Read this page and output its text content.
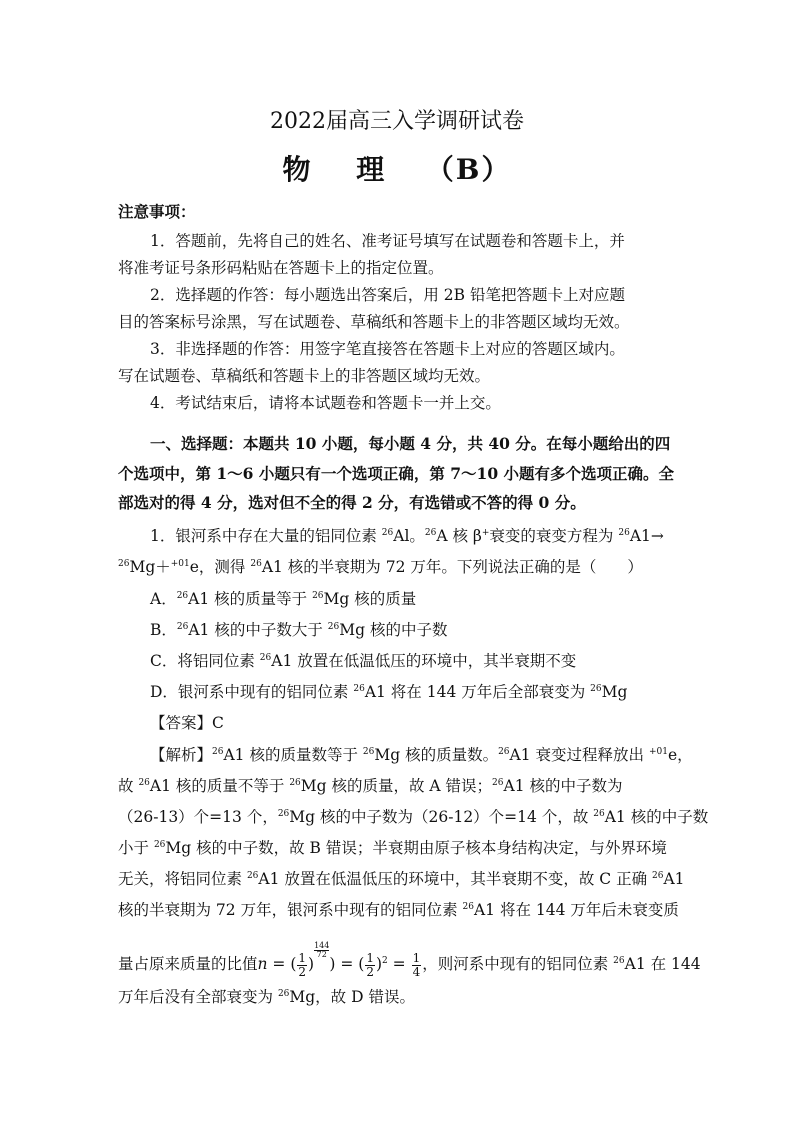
2022届高三入学调研试卷
物 理 （B）
注意事项：
1．答题前，先将自己的姓名、准考证号填写在试题卷和答题卡上，并
将准考证号条形码粘贴在答题卡上的指定位置。
2．选择题的作答：每小题选出答案后，用 2B 铅笔把答题卡上对应题
目的答案标号涂黑，写在试题卷、草稿纸和答题卡上的非答题区域均无效。
3．非选择题的作答：用签字笔直接答在答题卡上对应的答题区域内。
写在试题卷、草稿纸和答题卡上的非答题区域均无效。
4．考试结束后，请将本试题卷和答题卡一并上交。
一、选择题：本题共 10 小题，每小题 4 分，共 40 分。在每小题给出的四
个选项中，第 1～6 小题只有一个选项正确，第 7～10 小题有多个选项正确。全
部选对的得 4 分，选对但不全的得 2 分，有选错或不答的得 0 分。
1．银河系中存在大量的铝同位素 $^{26}$Al。$^{26}$A 核 β+衰变的衰变方程为 $^{26}$A1→
$^{26}$Mg＋$^{+01}$e，测得 $^{26}$A1 核的半衰期为 72 万年。下列说法正确的是（　　）
A．$^{26}$A1 核的质量等于 $^{26}$Mg 核的质量
B．$^{26}$A1 核的中子数大于 $^{26}$Mg 核的中子数
C．将铝同位素 $^{26}$A1 放置在低温低压的环境中，其半衰期不变
D．银河系中现有的铝同位素 $^{26}$A1 将在 144 万年后全部衰变为 $^{26}$Mg
【答案】C
【解析】$^{26}$A1 核的质量数等于 $^{26}$Mg 核的质量数。$^{26}$A1 衰变过程释放出 $^{+01}$e，
故 $^{26}$A1 核的质量不等于 $^{26}$Mg 核的质量，故 A 错误；$^{26}$A1 核的中子数为
（26-13）个=13 个，$^{26}$Mg 核的中子数为（26-12）个=14 个，故 $^{26}$A1 核的中子数
小于 $^{26}$Mg 核的中子数，故 B 错误；半衰期由原子核本身结构决定，与外界环境
无关，将铝同位素 $^{26}$A1 放置在低温低压的环境中，其半衰期不变，故 C 正确 $^{26}$A1
核的半衰期为 72 万年，银河系中现有的铝同位素 $^{26}$A1 将在 144 万年后未衰变质
量占原来质量的比值n = ( $\frac{1}{2}$ )
$\frac{144}{72}$
) = ( $\frac{1}{2} )^2 = \frac{1}{4}$ ，则河系中现有的铝同位素 $^{26}$A1 在 144
万年后没有全部衰变为 $^{26}$Mg，故 D 错误。
